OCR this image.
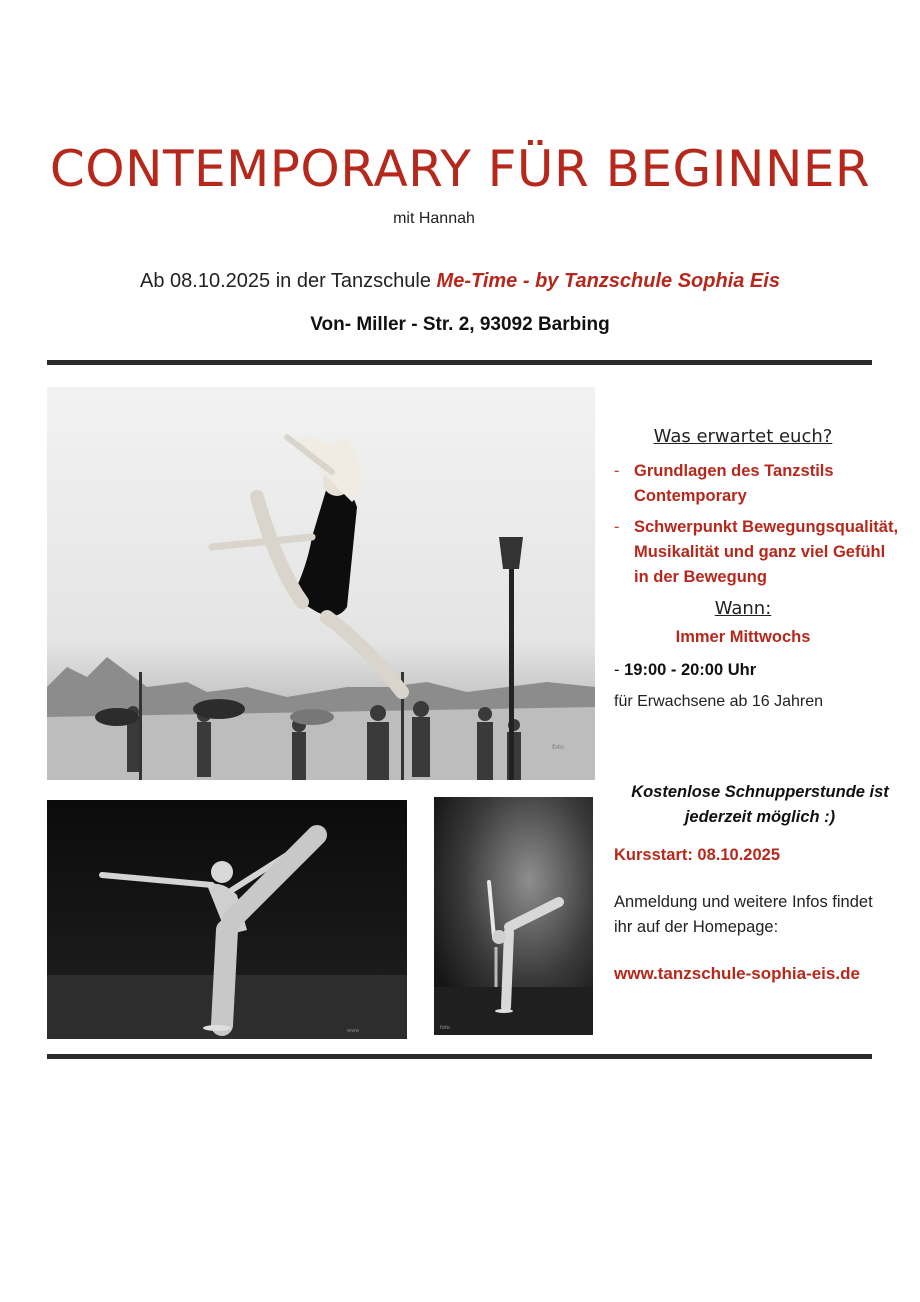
CONTEMPORARY FÜR BEGINNER
mit Hannah
Ab 08.10.2025 in der Tanzschule Me-Time - by Tanzschule Sophia Eis
Von- Miller - Str. 2, 93092 Barbing
foto
www	foto
Was erwartet euch?
- Grundlagen des Tanzstils Contemporary
- Schwerpunkt Bewegungsqualität, Musikalität und ganz viel Gefühl in der Bewegung
Wann:
Immer Mittwochs
- 19:00 - 20:00 Uhr
für Erwachsene ab 16 Jahren
Kostenlose Schnupperstunde ist jederzeit möglich :)
Kursstart: 08.10.2025
Anmeldung und weitere Infos findet ihr auf der Homepage:
www.tanzschule-sophia-eis.de
